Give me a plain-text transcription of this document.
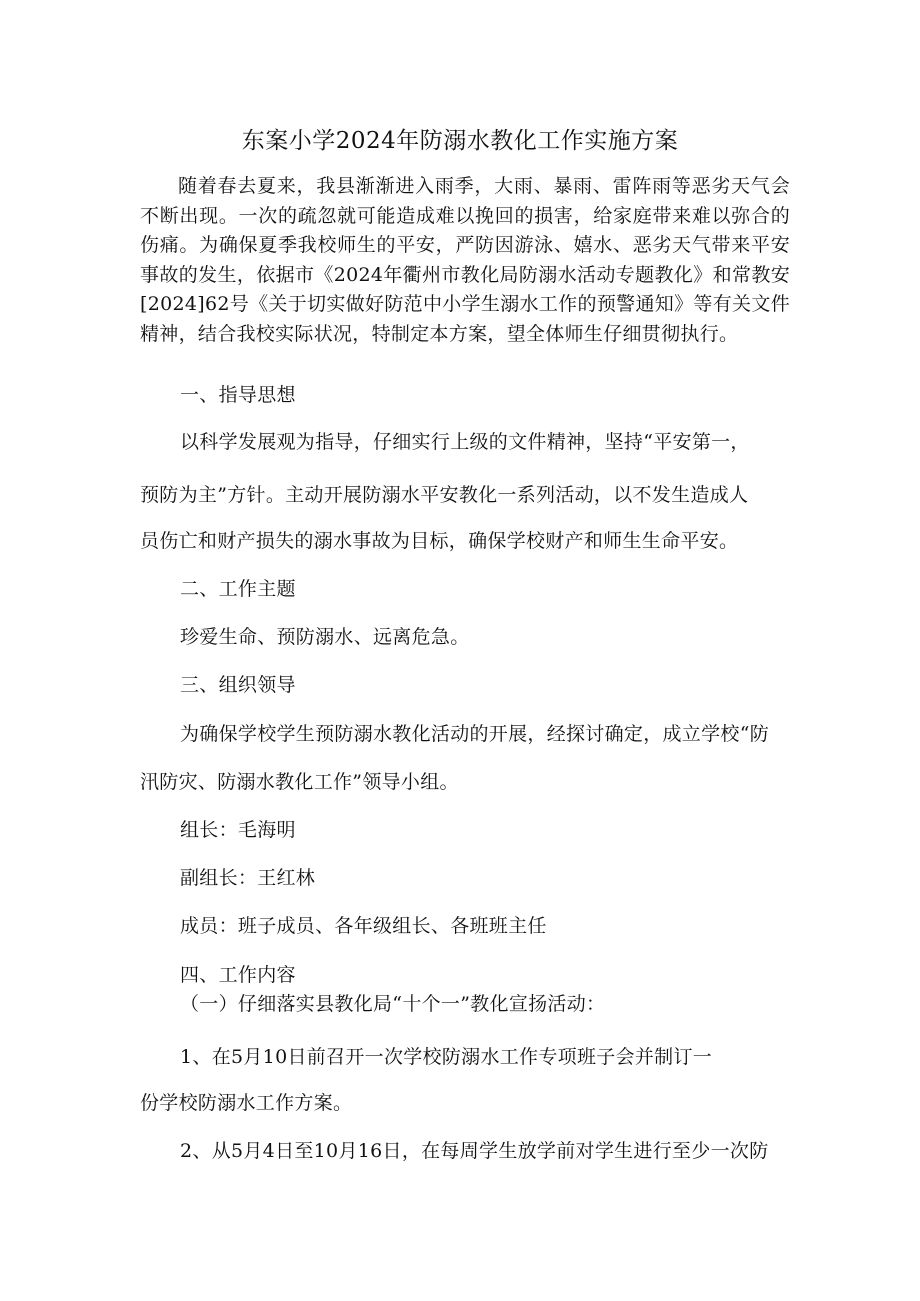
东案小学2024年防溺水教化工作实施方案

随着春去夏来，我县渐渐进入雨季，大雨、暴雨、雷阵雨等恶劣天气会不断出现。一次的疏忽就可能造成难以挽回的损害，给家庭带来难以弥合的伤痛。为确保夏季我校师生的平安，严防因游泳、嬉水、恶劣天气带来平安事故的发生，依据市《2024年衢州市教化局防溺水活动专题教化》和常教安[2024]62号《关于切实做好防范中小学生溺水工作的预警通知》等有关文件精神，结合我校实际状况，特制定本方案，望全体师生仔细贯彻执行。

一、指导思想

以科学发展观为指导，仔细实行上级的文件精神，坚持“平安第一，

预防为主”方针。主动开展防溺水平安教化一系列活动，以不发生造成人

员伤亡和财产损失的溺水事故为目标，确保学校财产和师生生命平安。

二、工作主题

珍爱生命、预防溺水、远离危急。

三、组织领导

为确保学校学生预防溺水教化活动的开展，经探讨确定，成立学校“防

汛防灾、防溺水教化工作”领导小组。

组长：毛海明

副组长：王红林

成员：班子成员、各年级组长、各班班主任

四、工作内容

（一）仔细落实县教化局“十个一”教化宣扬活动：

1、在5月10日前召开一次学校防溺水工作专项班子会并制订一

份学校防溺水工作方案。

2、从5月4日至10月16日，在每周学生放学前对学生进行至少一次防
